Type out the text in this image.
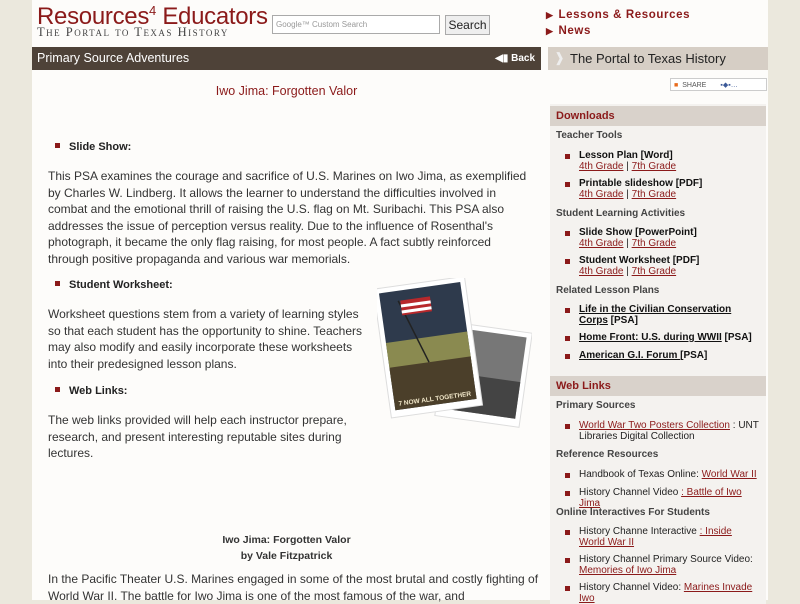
Resources$^4$ Educators
The Portal to Texas History
Google™ Custom Search	Search
▶ Lessons & Resources
▶ News
Primary Source Adventures	◀▮ Back ❱ The Portal to Texas History
■ SHARE ▪◆▪…
Iwo Jima: Forgotten Valor
Slide Show:
This PSA examines the courage and sacrifice of U.S. Marines on Iwo Jima, as exemplified by Charles W. Lindberg. It allows the learner to understand the difficulties involved in combat and the emotional thrill of raising the U.S. flag on Mt. Suribachi. This PSA also addresses the issue of perception versus reality. Due to the influence of Rosenthal's photograph, it became the only flag raising, for most people. A fact subtly reinforced through positive propaganda and various war memorials.
Student Worksheet:
Worksheet questions stem from a variety of learning styles so that each student has the opportunity to shine. Teachers may also modify and easily incorporate these worksheets into their predesigned lesson plans.
Web Links:
The web links provided will help each instructor prepare, research, and present interesting reputable sites during lectures.
7 NOW ALL TOGETHER
Iwo Jima: Forgotten Valor
by Vale Fitzpatrick
In the Pacific Theater U.S. Marines engaged in some of the most brutal and costly fighting of World War II. The battle for Iwo Jima is one of the most famous of the war, and
Downloads
Teacher Tools
Lesson Plan [Word]
4th Grade | 7th Grade
Printable slideshow [PDF]
4th Grade | 7th Grade
Student Learning Activities
Slide Show [PowerPoint]
4th Grade | 7th Grade
Student Worksheet [PDF]
4th Grade | 7th Grade
Related Lesson Plans
Life in the Civilian Conservation Corps [PSA]
Home Front: U.S. during WWII [PSA]
American G.I. Forum [PSA]
Web Links
Primary Sources
World War Two Posters Collection : UNT Libraries Digital Collection
Reference Resources
Handbook of Texas Online: World War II
History Channel Video : Battle of Iwo Jima
Online Interactives For Students
History Channe Interactive : Inside World War II
History Channel Primary Source Video: Memories of Iwo Jima
History Channel Video: Marines Invade Iwo
